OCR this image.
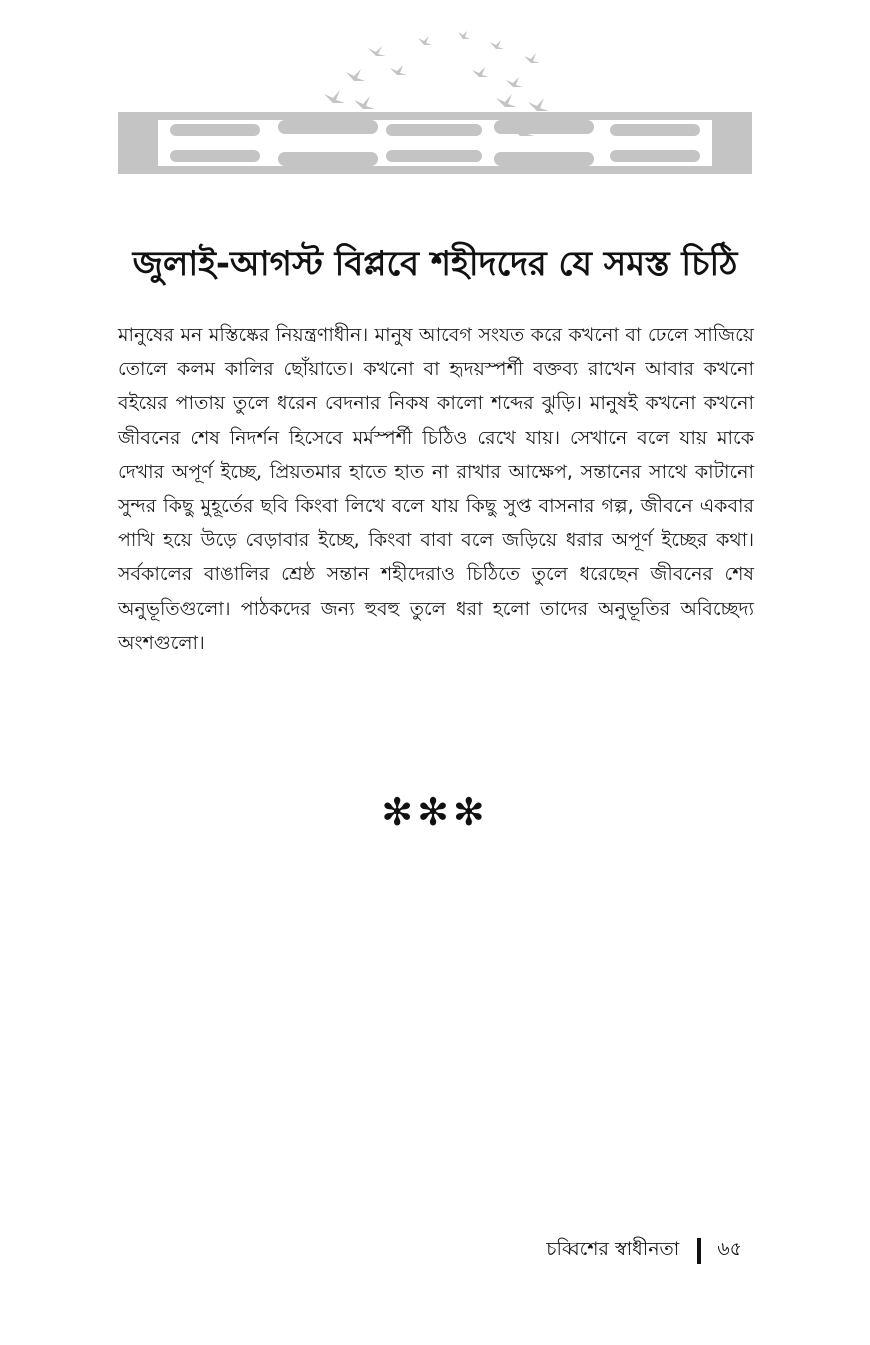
জুলাই-আগস্ট বিপ্লবে শহীদদের যে সমস্ত চিঠি

মানুষের মন মস্তিষ্কের নিয়ন্ত্রণাধীন। মানুষ আবেগ সংযত করে কখনো বা ঢেলে সাজিয়ে তোলে কলম কালির ছোঁয়াতে। কখনো বা হৃদয়স্পর্শী বক্তব্য রাখেন আবার কখনো বইয়ের পাতায় তুলে ধরেন বেদনার নিকষ কালো শব্দের ঝুড়ি। মানুষই কখনো কখনো জীবনের শেষ নিদর্শন হিসেবে মর্মস্পর্শী চিঠিও রেখে যায়। সেখানে বলে যায় মাকে দেখার অপূর্ণ ইচ্ছে, প্রিয়তমার হাতে হাত না রাখার আক্ষেপ, সন্তানের সাথে কাটানো সুন্দর কিছু মুহূর্তের ছবি কিংবা লিখে বলে যায় কিছু সুপ্ত বাসনার গল্প, জীবনে একবার পাখি হয়ে উড়ে বেড়াবার ইচ্ছে, কিংবা বাবা বলে জড়িয়ে ধরার অপূর্ণ ইচ্ছের কথা। সর্বকালের বাঙালির শ্রেষ্ঠ সন্তান শহীদেরাও চিঠিতে তুলে ধরেছেন জীবনের শেষ অনুভূতিগুলো। পাঠকদের জন্য হুবহু তুলে ধরা হলো তাদের অনুভূতির অবিচ্ছেদ্য অংশগুলো।

✻✻✻
চব্বিশের স্বাধীনতা ৬৫
